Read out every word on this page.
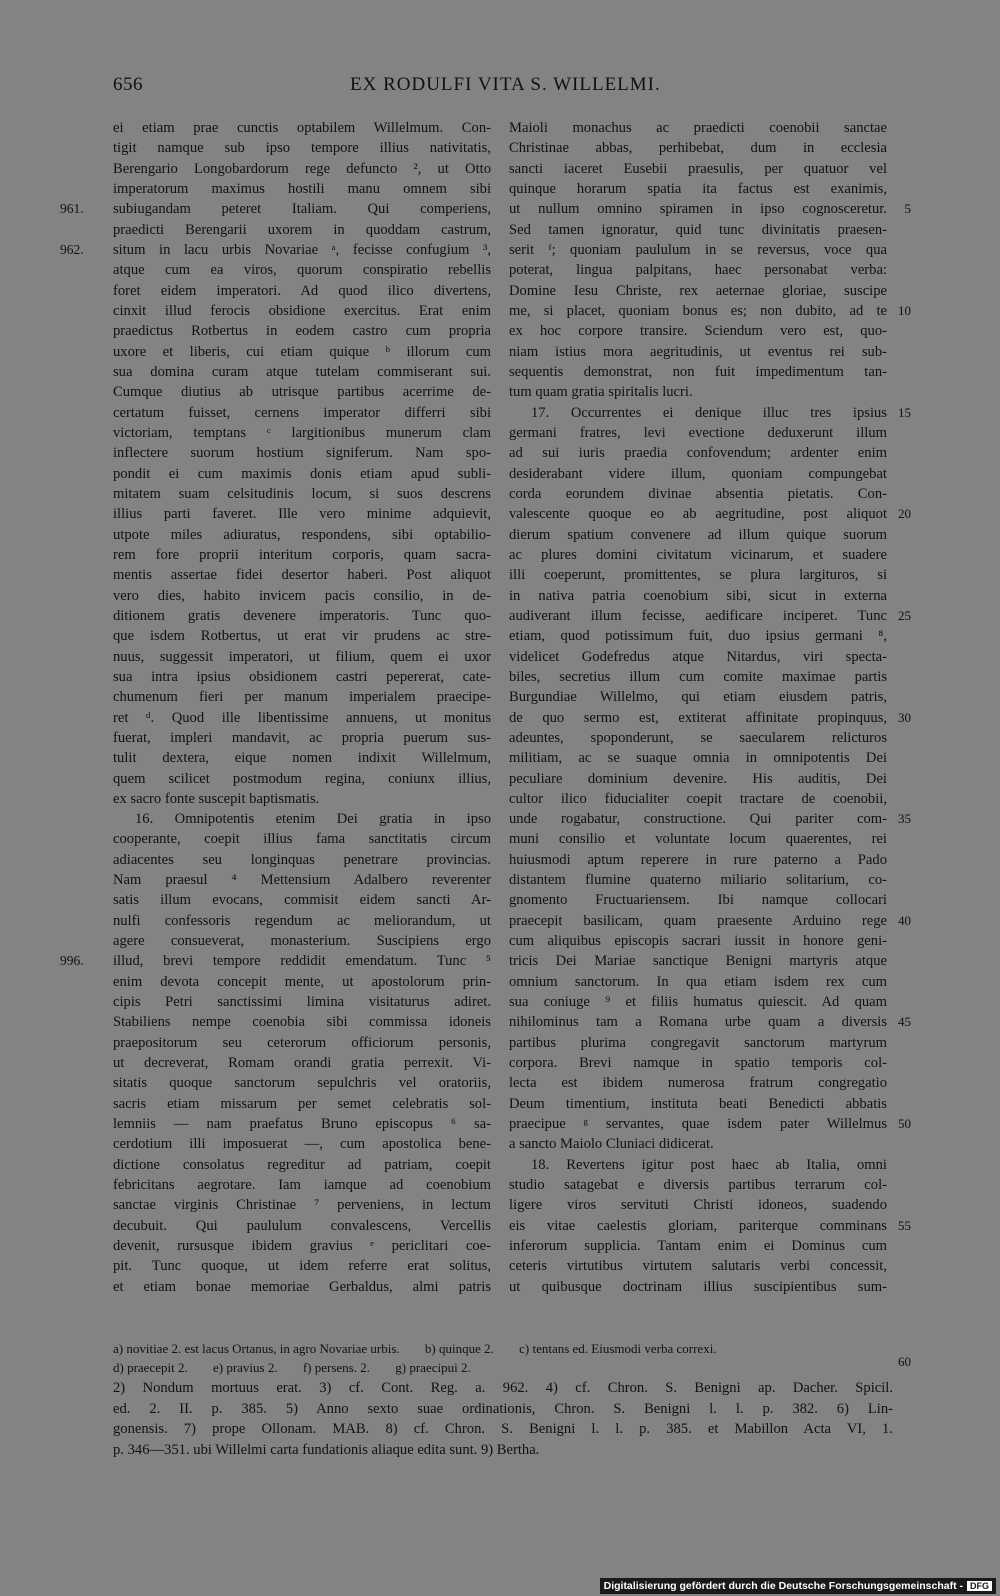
656	EX RODULFI VITA S. WILLELMI.
ei etiam prae cunctis optabilem Willelmum. Con-
tigit namque sub ipso tempore illius nativitatis,
Berengario Longobardorum rege defuncto ², ut Otto
imperatorum maximus hostili manu omnem sibi
subiugandam peteret Italiam. Qui comperiens,
961.
praedicti Berengarii uxorem in quoddam castrum,
situm in lacu urbis Novariae ᵃ, fecisse confugium ³,
962.
atque cum ea viros, quorum conspiratio rebellis
foret eidem imperatori. Ad quod ilico divertens,
cinxit illud ferocis obsidione exercitus. Erat enim
praedictus Rotbertus in eodem castro cum propria
uxore et liberis, cui etiam quique ᵇ illorum cum
sua domina curam atque tutelam commiserant sui.
Cumque diutius ab utrisque partibus acerrime de-
certatum fuisset, cernens imperator differri sibi
victoriam, temptans ᶜ largitionibus munerum clam
inflectere suorum hostium signiferum. Nam spo-
pondit ei cum maximis donis etiam apud subli-
mitatem suam celsitudinis locum, si suos descrens
illius parti faveret. Ille vero minime adquievit,
utpote miles adiuratus, respondens, sibi optabilio-
rem fore proprii interitum corporis, quam sacra-
mentis assertae fidei desertor haberi. Post aliquot
vero dies, habito invicem pacis consilio, in de-
ditionem gratis devenere imperatoris. Tunc quo-
que isdem Rotbertus, ut erat vir prudens ac stre-
nuus, suggessit imperatori, ut filium, quem ei uxor
sua intra ipsius obsidionem castri pepererat, cate-
chumenum fieri per manum imperialem praecipe-
ret ᵈ. Quod ille libentissime annuens, ut monitus
fuerat, impleri mandavit, ac propria puerum sus-
tulit dextera, eique nomen indixit Willelmum,
quem scilicet postmodum regina, coniunx illius,
ex sacro fonte suscepit baptismatis.
16. Omnipotentis etenim Dei gratia in ipso
cooperante, coepit illius fama sanctitatis circum
adiacentes seu longinquas penetrare provincias.
Nam praesul ⁴ Mettensium Adalbero reverenter
satis illum evocans, commisit eidem sancti Ar-
nulfi confessoris regendum ac meliorandum, ut
agere consueverat, monasterium. Suscipiens ergo
illud, brevi tempore reddidit emendatum. Tunc ⁵
996.
enim devota concepit mente, ut apostolorum prin-
cipis Petri sanctissimi limina visitaturus adiret.
Stabiliens nempe coenobia sibi commissa idoneis
praepositorum seu ceterorum officiorum personis,
ut decreverat, Romam orandi gratia perrexit. Vi-
sitatis quoque sanctorum sepulchris vel oratoriis,
sacris etiam missarum per semet celebratis sol-
lemniis — nam praefatus Bruno episcopus ⁶ sa-
cerdotium illi imposuerat —, cum apostolica bene-
dictione consolatus regreditur ad patriam, coepit
febricitans aegrotare. Iam iamque ad coenobium
sanctae virginis Christinae ⁷ perveniens, in lectum
decubuit. Qui paululum convalescens, Vercellis
devenit, rursusque ibidem gravius ᵉ periclitari coe-
pit. Tunc quoque, ut idem referre erat solitus,
et etiam bonae memoriae Gerbaldus, almi patris
Maioli monachus ac praedicti coenobii sanctae
Christinae abbas, perhibebat, dum in ecclesia
sancti iaceret Eusebii praesulis, per quatuor vel
quinque horarum spatia ita factus est exanimis,
ut nullum omnino spiramen in ipso cognosceretur. 5
Sed tamen ignoratur, quid tunc divinitatis praesen-
serit ᶠ; quoniam paululum in se reversus, voce qua
poterat, lingua palpitans, haec personabat verba:
Domine Iesu Christe, rex aeternae gloriae, suscipe
me, si placet, quoniam bonus es; non dubito, ad te 10
ex hoc corpore transire. Sciendum vero est, quo-
niam istius mora aegritudinis, ut eventus rei sub-
sequentis demonstrat, non fuit impedimentum tan-
tum quam gratia spiritalis lucri.
17. Occurrentes ei denique illuc tres ipsius 15
germani fratres, levi evectione deduxerunt illum
ad sui iuris praedia confovendum; ardenter enim
desiderabant videre illum, quoniam compungebat
corda eorundem divinae absentia pietatis. Con-
valescente quoque eo ab aegritudine, post aliquot 20
dierum spatium convenere ad illum quique suorum
ac plures domini civitatum vicinarum, et suadere
illi coeperunt, promittentes, se plura largituros, si
in nativa patria coenobium sibi, sicut in externa
audiverant illum fecisse, aedificare inciperet. Tunc 25
etiam, quod potissimum fuit, duo ipsius germani ⁸,
videlicet Godefredus atque Nitardus, viri specta-
biles, secretius illum cum comite maximae partis
Burgundiae Willelmo, qui etiam eiusdem patris,
de quo sermo est, extiterat affinitate propinquus, 30
adeuntes, spoponderunt, se saecularem relicturos
militiam, ac se suaque omnia in omnipotentis Dei
peculiare dominium devenire. His auditis, Dei
cultor ilico fiducialiter coepit tractare de coenobii,
unde rogabatur, constructione. Qui pariter com- 35
muni consilio et voluntate locum quaerentes, rei
huiusmodi aptum reperere in rure paterno a Pado
distantem flumine quaterno miliario solitarium, co-
gnomento Fructuariensem. Ibi namque collocari
praecepit basilicam, quam praesente Arduino rege 40
cum aliquibus episcopis sacrari iussit in honore geni-
tricis Dei Mariae sanctique Benigni martyris atque
omnium sanctorum. In qua etiam isdem rex cum
sua coniuge ⁹ et filiis humatus quiescit. Ad quam
nihilominus tam a Romana urbe quam a diversis 45
partibus plurima congregavit sanctorum martyrum
corpora. Brevi namque in spatio temporis col-
lecta est ibidem numerosa fratrum congregatio
Deum timentium, instituta beati Benedicti abbatis
praecipue ᵍ servantes, quae isdem pater Willelmus 50
a sancto Maiolo Cluniaci didicerat.
18. Revertens igitur post haec ab Italia, omni
studio satagebat e diversis partibus terrarum col-
ligere viros servituti Christi idoneos, suadendo
eis vitae caelestis gloriam, pariterque comminans 55
inferorum supplicia. Tantam enim ei Dominus cum
ceteris virtutibus virtutem salutaris verbi concessit,
ut quibusque doctrinam illius suscipientibus sum-
60
a) novitiae 2. est lacus Ortanus, in agro Novariae urbis. b) quinque 2. c) tentans ed. Eiusmodi verba correxi.
d) praecepit 2. e) pravius 2. f) persens. 2. g) praecipui 2.
2) Nondum mortuus erat. 3) cf. Cont. Reg. a. 962. 4) cf. Chron. S. Benigni ap. Dacher. Spicil.
ed. 2. II. p. 385. 5) Anno sexto suae ordinationis, Chron. S. Benigni l. l. p. 382. 6) Lin-
gonensis. 7) prope Ollonam. MAB. 8) cf. Chron. S. Benigni l. l. p. 385. et Mabillon Acta VI, 1.
p. 346—351. ubi Willelmi carta fundationis aliaque edita sunt. 9) Bertha.
Digitalisierung gefördert durch die Deutsche Forschungsgemeinschaft - DFG
